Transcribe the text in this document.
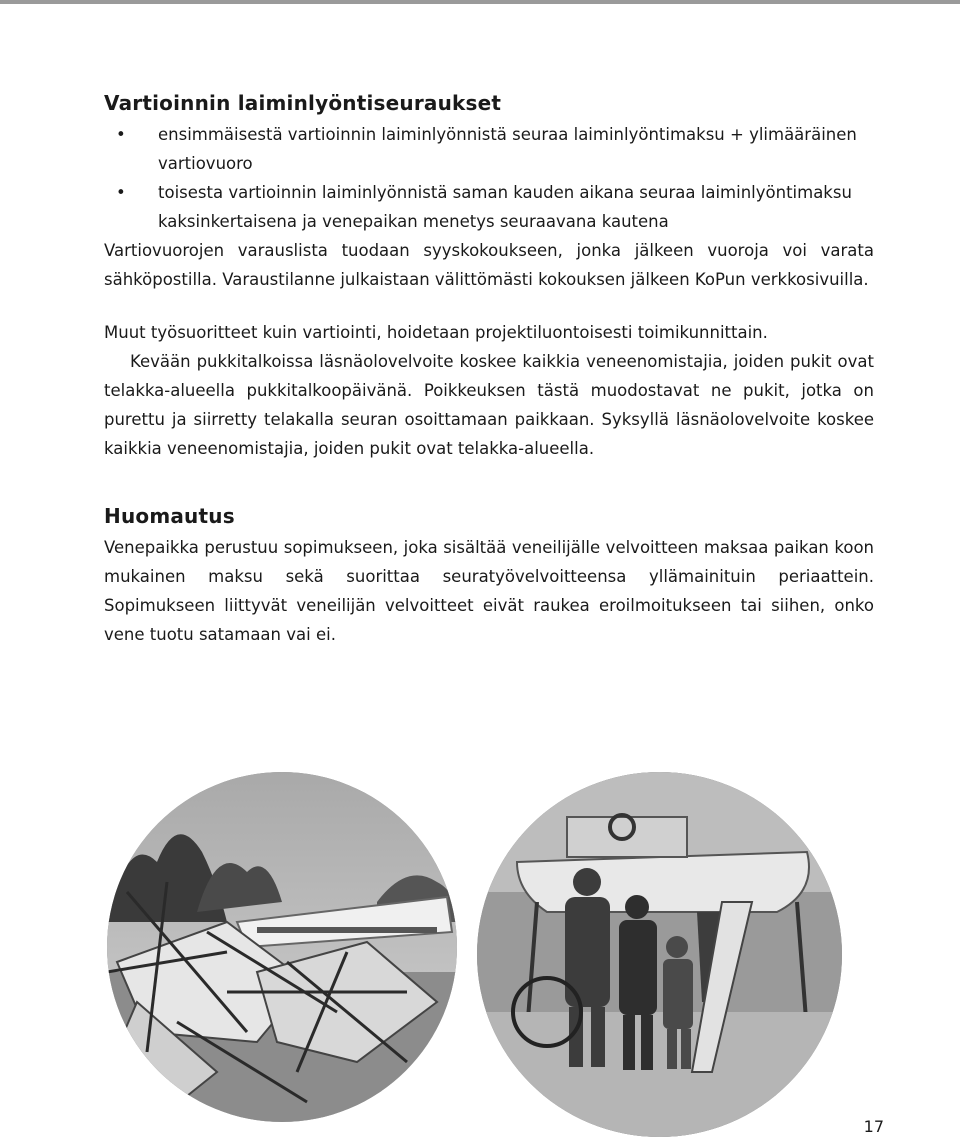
Vartioinnin laiminlyöntiseuraukset
• ensimmäisestä vartioinnin laiminlyönnistä seuraa laiminlyöntimaksu + ylimääräinen vartiovuoro
• toisesta vartioinnin laiminlyönnistä saman kauden aikana seuraa laiminlyöntimaksu kaksinkertaisena ja venepaikan menetys seuraavana kautena

Vartiovuorojen varauslista tuodaan syyskokoukseen, jonka jälkeen vuoroja voi varata sähköpostilla. Varaustilanne julkaistaan välittömästi kokouksen jälkeen KoPun verkkosivuilla.

Muut työsuoritteet kuin vartiointi, hoidetaan projektiluontoisesti toimikunnittain.

Kevään pukkitalkoissa läsnäolovelvoite koskee kaikkia veneenomistajia, joiden pukit ovat telakka-alueella pukkitalkoopäivänä. Poikkeuksen tästä muodostavat ne pukit, jotka on purettu ja siirretty telakalla seuran osoittamaan paikkaan. Syksyllä läsnäolovelvoite koskee kaikkia veneenomistajia, joiden pukit ovat telakka-alueella.

Huomautus

Venepaikka perustuu sopimukseen, joka sisältää veneilijälle velvoitteen maksaa paikan koon mukainen maksu sekä suorittaa seuratyövelvoitteensa yllämainituin periaattein. Sopimukseen liittyvät veneilijän velvoitteet eivät raukea eroilmoitukseen tai siihen, onko vene tuotu satamaan vai ei.

17
